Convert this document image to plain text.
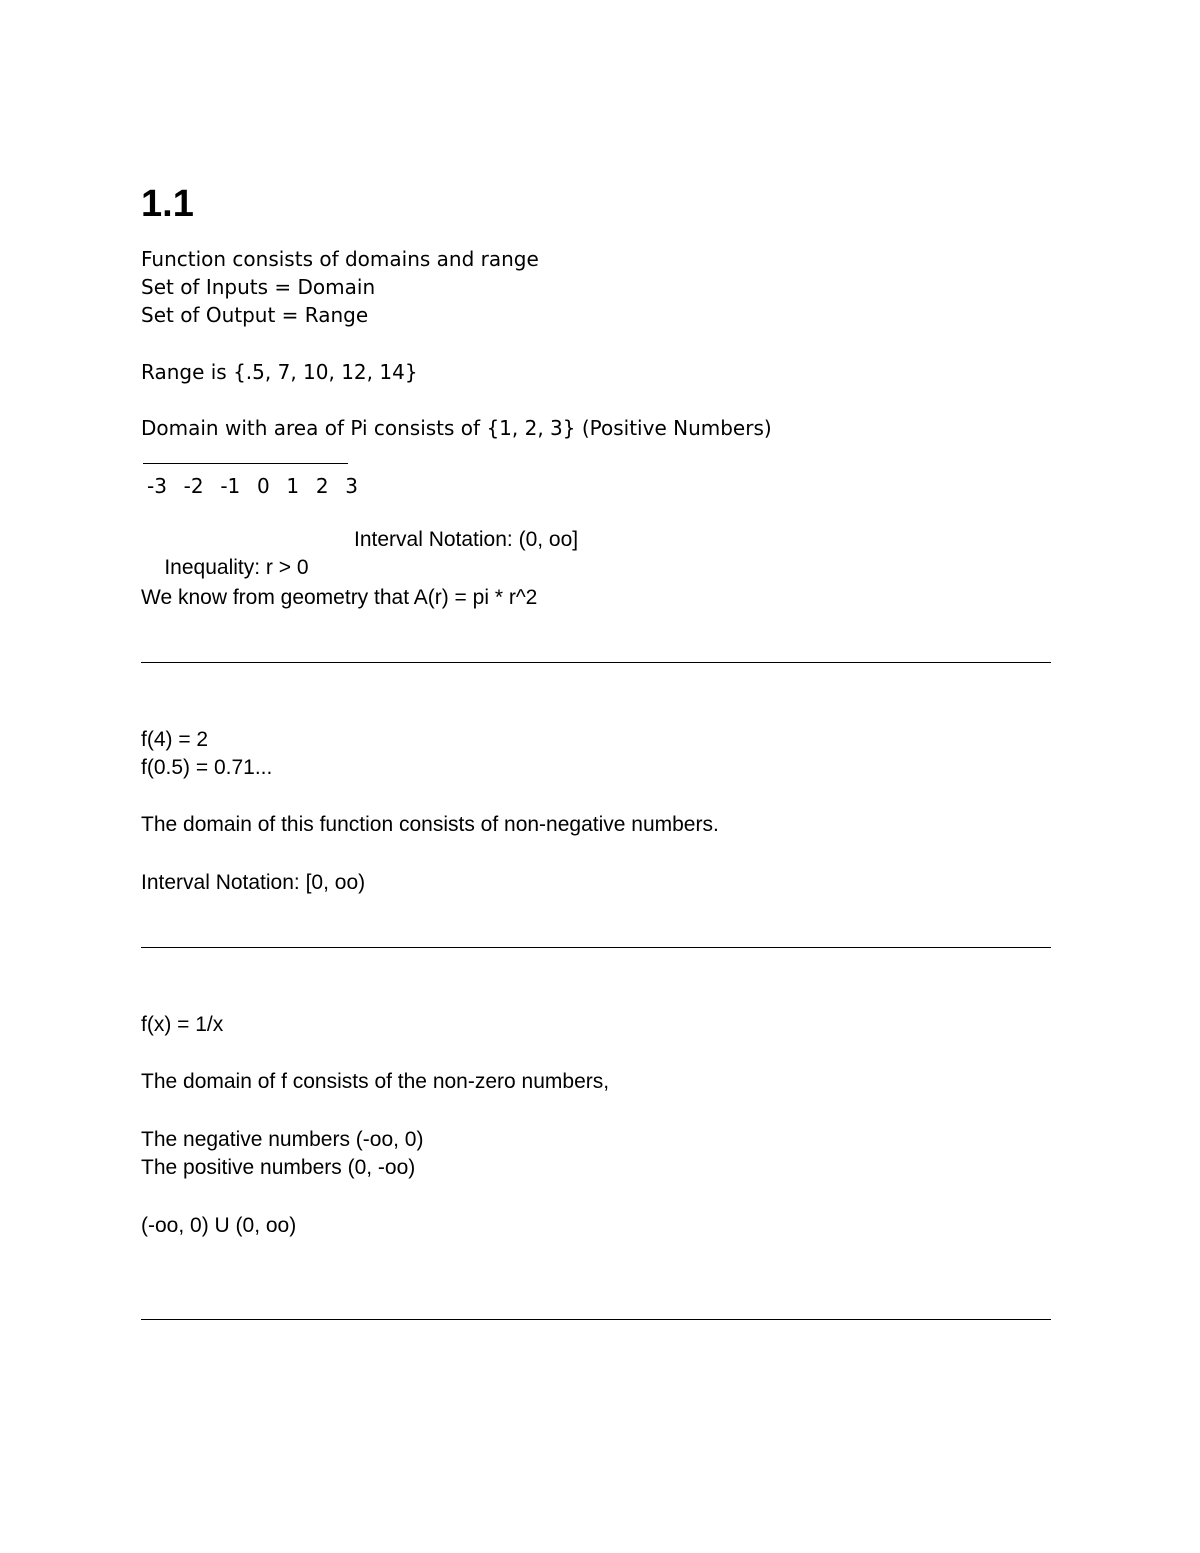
1.1
Function consists of domains and range
Set of Inputs = Domain
Set of Output = Range
Range is {.5, 7, 10, 12, 14}
Domain with area of Pi consists of {1, 2, 3} (Positive Numbers)
-3  -2  -1  0  1  2  3

Inequality: r > 0

Interval Notation: (0, oo]

We know from geometry that A(r) = pi * r^2
f(4) = 2
f(0.5) = 0.71...
The domain of this function consists of non-negative numbers.
Interval Notation: [0, oo)
f(x) = 1/x
The domain of f consists of the non-zero numbers,
The negative numbers (-oo, 0)
The positive numbers (0, -oo)
(-oo, 0) U (0, oo)
